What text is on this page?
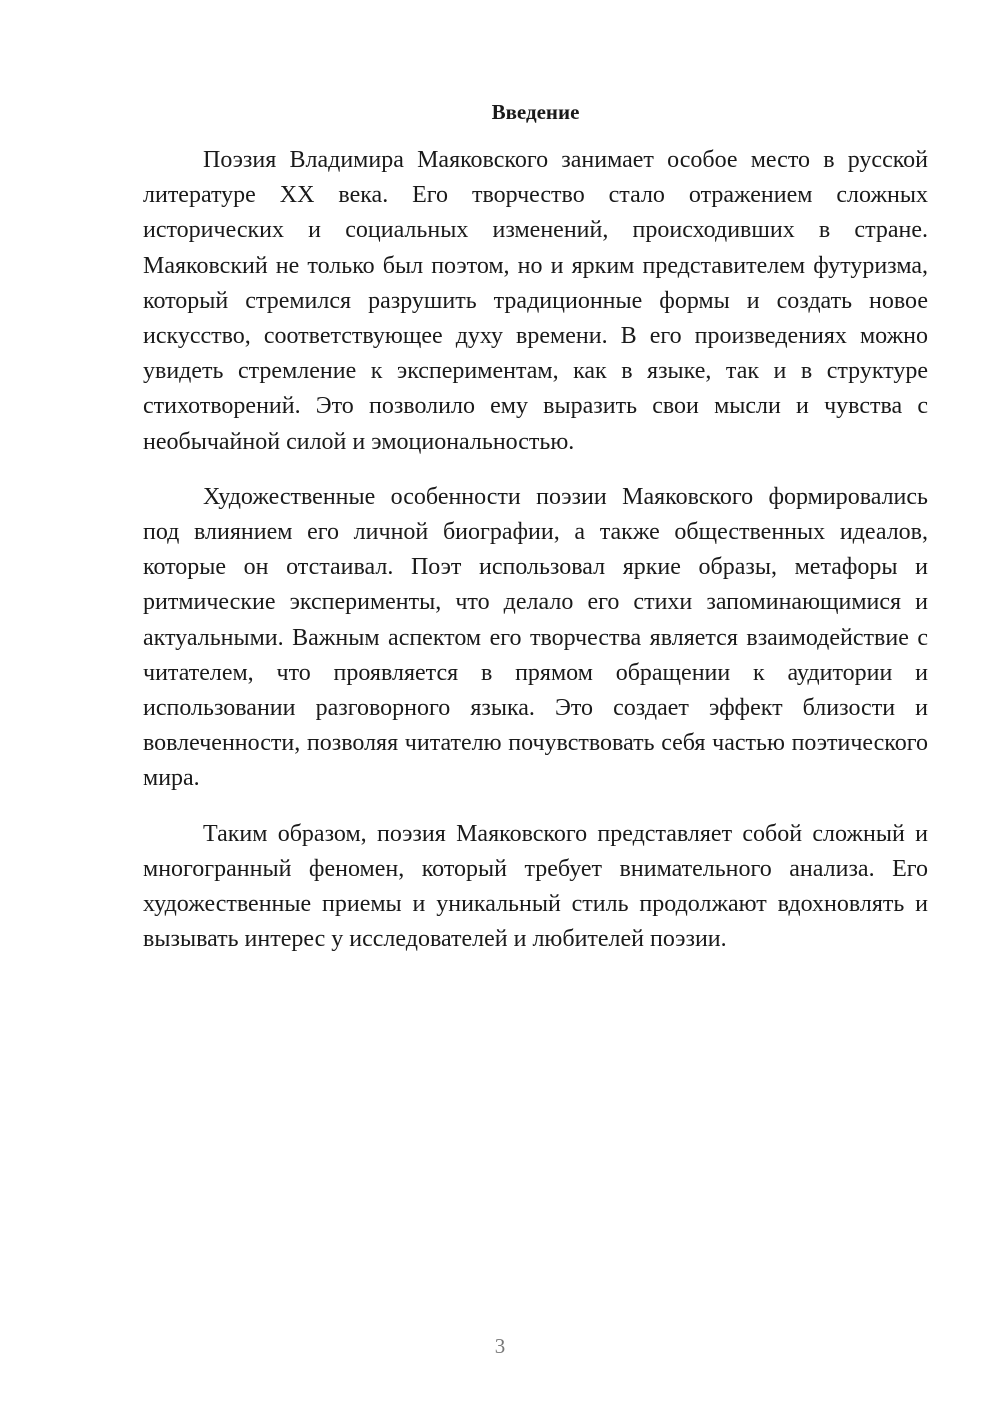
Введение

Поэзия Владимира Маяковского занимает особое место в русской литературе XX века. Его творчество стало отражением сложных исторических и социальных изменений, происходивших в стране. Маяковский не только был поэтом, но и ярким представителем футуризма, который стремился разрушить традиционные формы и создать новое искусство, соответствующее духу времени. В его произведениях можно увидеть стремление к экспериментам, как в языке, так и в структуре стихотворений. Это позволило ему выразить свои мысли и чувства с необычайной силой и эмоциональностью.

Художественные особенности поэзии Маяковского формировались под влиянием его личной биографии, а также общественных идеалов, которые он отстаивал. Поэт использовал яркие образы, метафоры и ритмические эксперименты, что делало его стихи запоминающимися и актуальными. Важным аспектом его творчества является взаимодействие с читателем, что проявляется в прямом обращении к аудитории и использовании разговорного языка. Это создает эффект близости и вовлеченности, позволяя читателю почувствовать себя частью поэтического мира.

Таким образом, поэзия Маяковского представляет собой сложный и многогранный феномен, который требует внимательного анализа. Его художественные приемы и уникальный стиль продолжают вдохновлять и вызывать интерес у исследователей и любителей поэзии.

3
